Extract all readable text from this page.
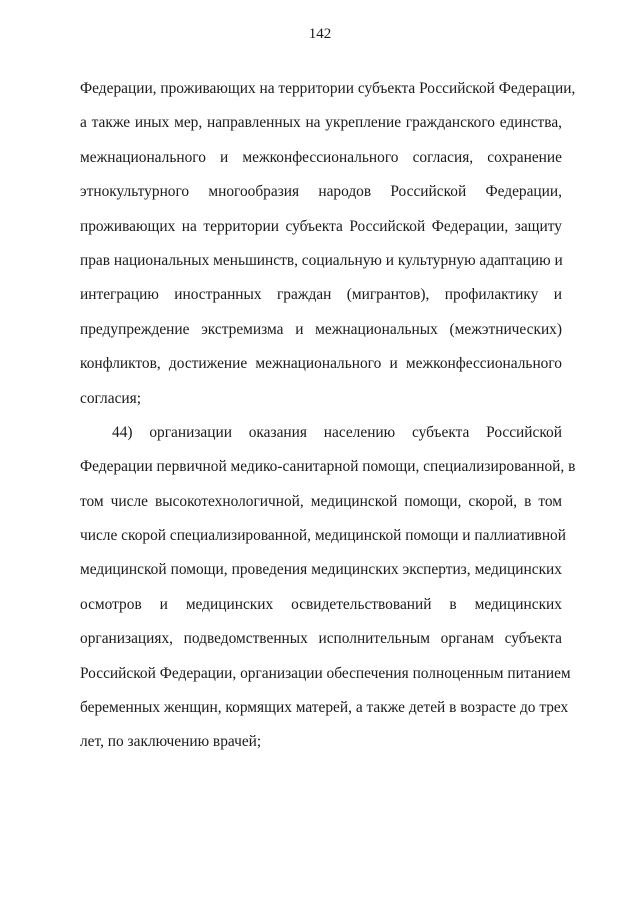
142
Федерации, проживающих на территории субъекта Российской Федерации,
а также иных мер, направленных на укрепление гражданского единства,
межнационального и межконфессионального согласия, сохранение
этнокультурного многообразия народов Российской Федерации,
проживающих на территории субъекта Российской Федерации, защиту
прав национальных меньшинств, социальную и культурную адаптацию и
интеграцию иностранных граждан (мигрантов), профилактику и
предупреждение экстремизма и межнациональных (межэтнических)
конфликтов, достижение межнационального и межконфессионального
согласия;
44) организации оказания населению субъекта Российской
Федерации первичной медико-санитарной помощи, специализированной, в
том числе высокотехнологичной, медицинской помощи, скорой, в том
числе скорой специализированной, медицинской помощи и паллиативной
медицинской помощи, проведения медицинских экспертиз, медицинских
осмотров и медицинских освидетельствований в медицинских
организациях, подведомственных исполнительным органам субъекта
Российской Федерации, организации обеспечения полноценным питанием
беременных женщин, кормящих матерей, а также детей в возрасте до трех
лет, по заключению врачей;
